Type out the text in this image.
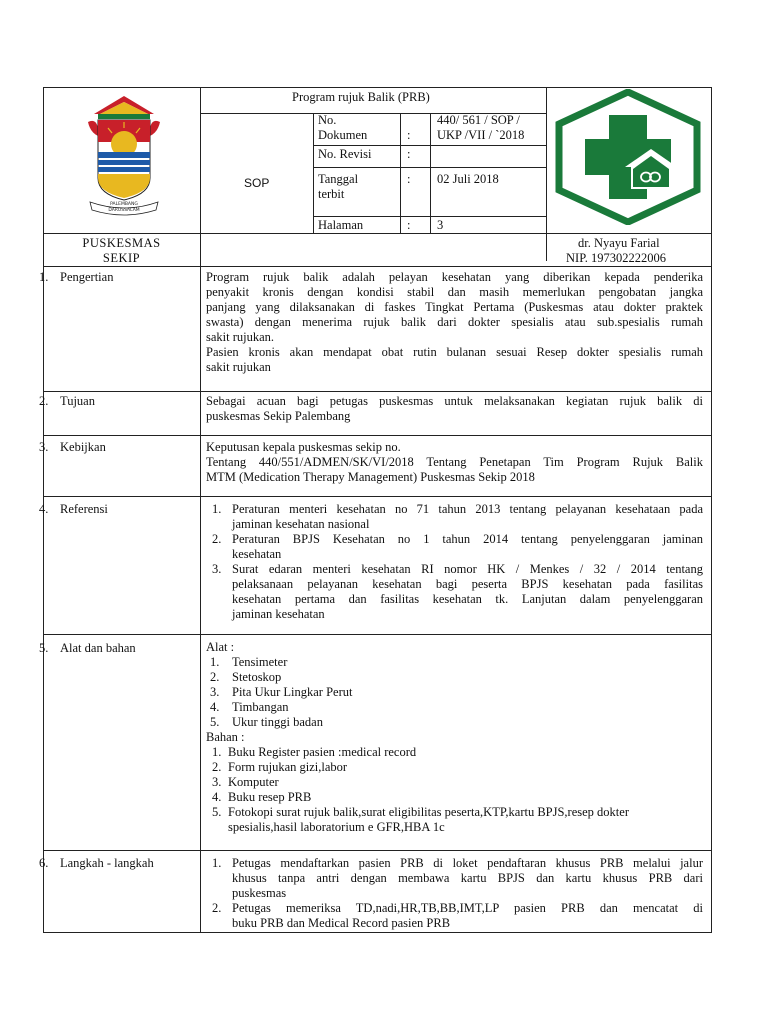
PALEMBANG DARUSSALAM
Program rujuk Balik (PRB)
SOP
No.
Dokumen	:
440/ 561 / SOP /
UKP /VII / `2018
No. Revisi	:
Tanggal
terbit
: 02 Juli 2018
Halaman	: 3
PUSKESMAS
SEKIP
dr. Nyayu Farial
NIP. 197302222006
1. Pengertian	Program rujuk balik adalah pelayan kesehatan yang diberikan kepada penderika
penyakit kronis dengan kondisi stabil dan masih memerlukan pengobatan jangka
panjang yang dilaksanakan di faskes Tingkat Pertama (Puskesmas atau dokter praktek
swasta) dengan menerima rujuk balik dari dokter spesialis atau sub.spesialis rumah
sakit rujukan.
Pasien kronis akan mendapat obat rutin bulanan sesuai Resep dokter spesialis rumah
sakit rujukan
2. Tujuan	Sebagai acuan bagi petugas puskesmas untuk melaksanakan kegiatan rujuk balik di
puskesmas Sekip Palembang
3. Kebijkan	Keputusan kepala puskesmas sekip no.
Tentang 440/551/ADMEN/SK/VI/2018 Tentang Penetapan Tim Program Rujuk Balik
MTM (Medication Therapy Management) Puskesmas Sekip 2018
4. Referensi	1. Peraturan menteri kesehatan no 71 tahun 2013 tentang pelayanan kesehataan pada
jaminan kesehatan nasional
2. Peraturan BPJS Kesehatan no 1 tahun 2014 tentang penyelenggaran jaminan
kesehatan
3. Surat edaran menteri kesehatan RI nomor HK / Menkes / 32 / 2014 tentang
pelaksanaan pelayanan kesehatan bagi peserta BPJS kesehatan pada fasilitas
kesehatan pertama dan fasilitas kesehatan tk. Lanjutan dalam penyelenggaran
jaminan kesehatan
5. Alat dan bahan	Alat :
1. Tensimeter
2. Stetoskop
3. Pita Ukur Lingkar Perut
4. Timbangan
5. Ukur tinggi badan
Bahan :
1. Buku Register pasien :medical record
2. Form rujukan gizi,labor
3. Komputer
4. Buku resep PRB
5. Fotokopi surat rujuk balik,surat eligibilitas peserta,KTP,kartu BPJS,resep dokter
spesialis,hasil laboratorium e GFR,HBA 1c
6. Langkah - langkah	1. Petugas mendaftarkan pasien PRB di loket pendaftaran khusus PRB melalui jalur
khusus tanpa antri dengan membawa kartu BPJS dan kartu khusus PRB dari
puskesmas
2. Petugas memeriksa TD,nadi,HR,TB,BB,IMT,LP pasien PRB dan mencatat di
buku PRB dan Medical Record pasien PRB
